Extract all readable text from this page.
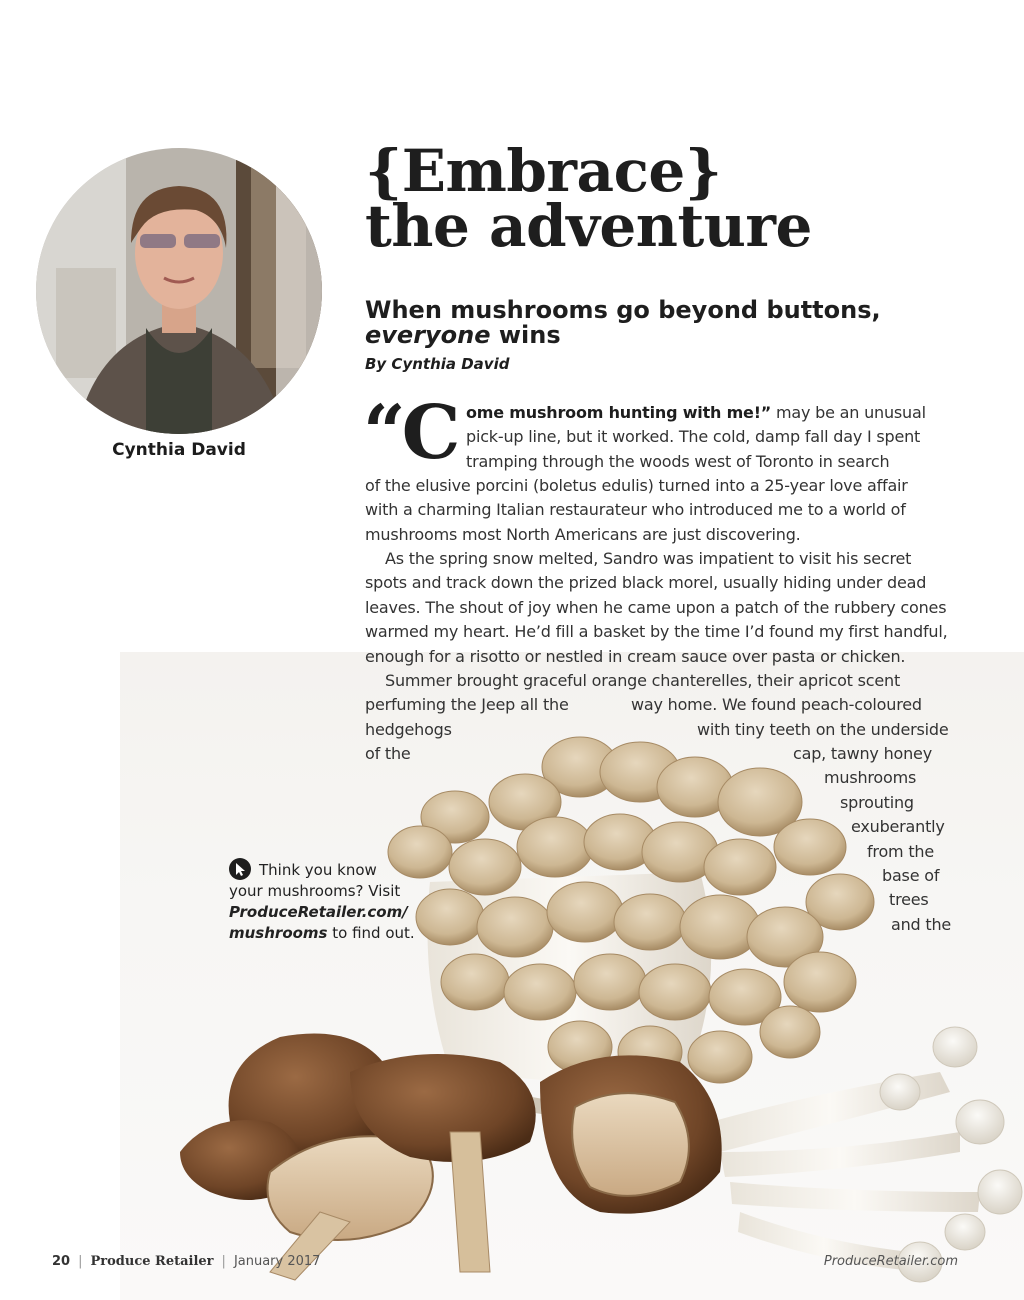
Cynthia David
{Embrace}
the adventure
When mushrooms go beyond buttons,
everyone wins
By Cynthia David
“C ome mushroom hunting with me!” may be an unusual
pick-up line, but it worked. The cold, damp fall day I spent
tramping through the woods west of Toronto in search
of the elusive porcini (boletus edulis) turned into a 25-year love affair
with a charming Italian restaurateur who introduced me to a world of
mushrooms most North Americans are just discovering.
As the spring snow melted, Sandro was impatient to visit his secret
spots and track down the prized black morel, usually hiding under dead
leaves. The shout of joy when he came upon a patch of the rubbery cones
warmed my heart. He’d fill a basket by the time I’d found my first handful,
enough for a risotto or nestled in cream sauce over pasta or chicken.
Summer brought graceful orange chanterelles, their apricot scent
perfuming the Jeep all the	way home. We found peach-coloured
hedgehogs	with tiny teeth on the underside
of the	cap, tawny honey
mushrooms
sprouting
exuberantly
from the
base of
trees
and the
Think you know
your mushrooms? Visit
ProduceRetailer.com/
mushrooms to find out.
20 | Produce Retailer | January 2017	ProduceRetailer.com
